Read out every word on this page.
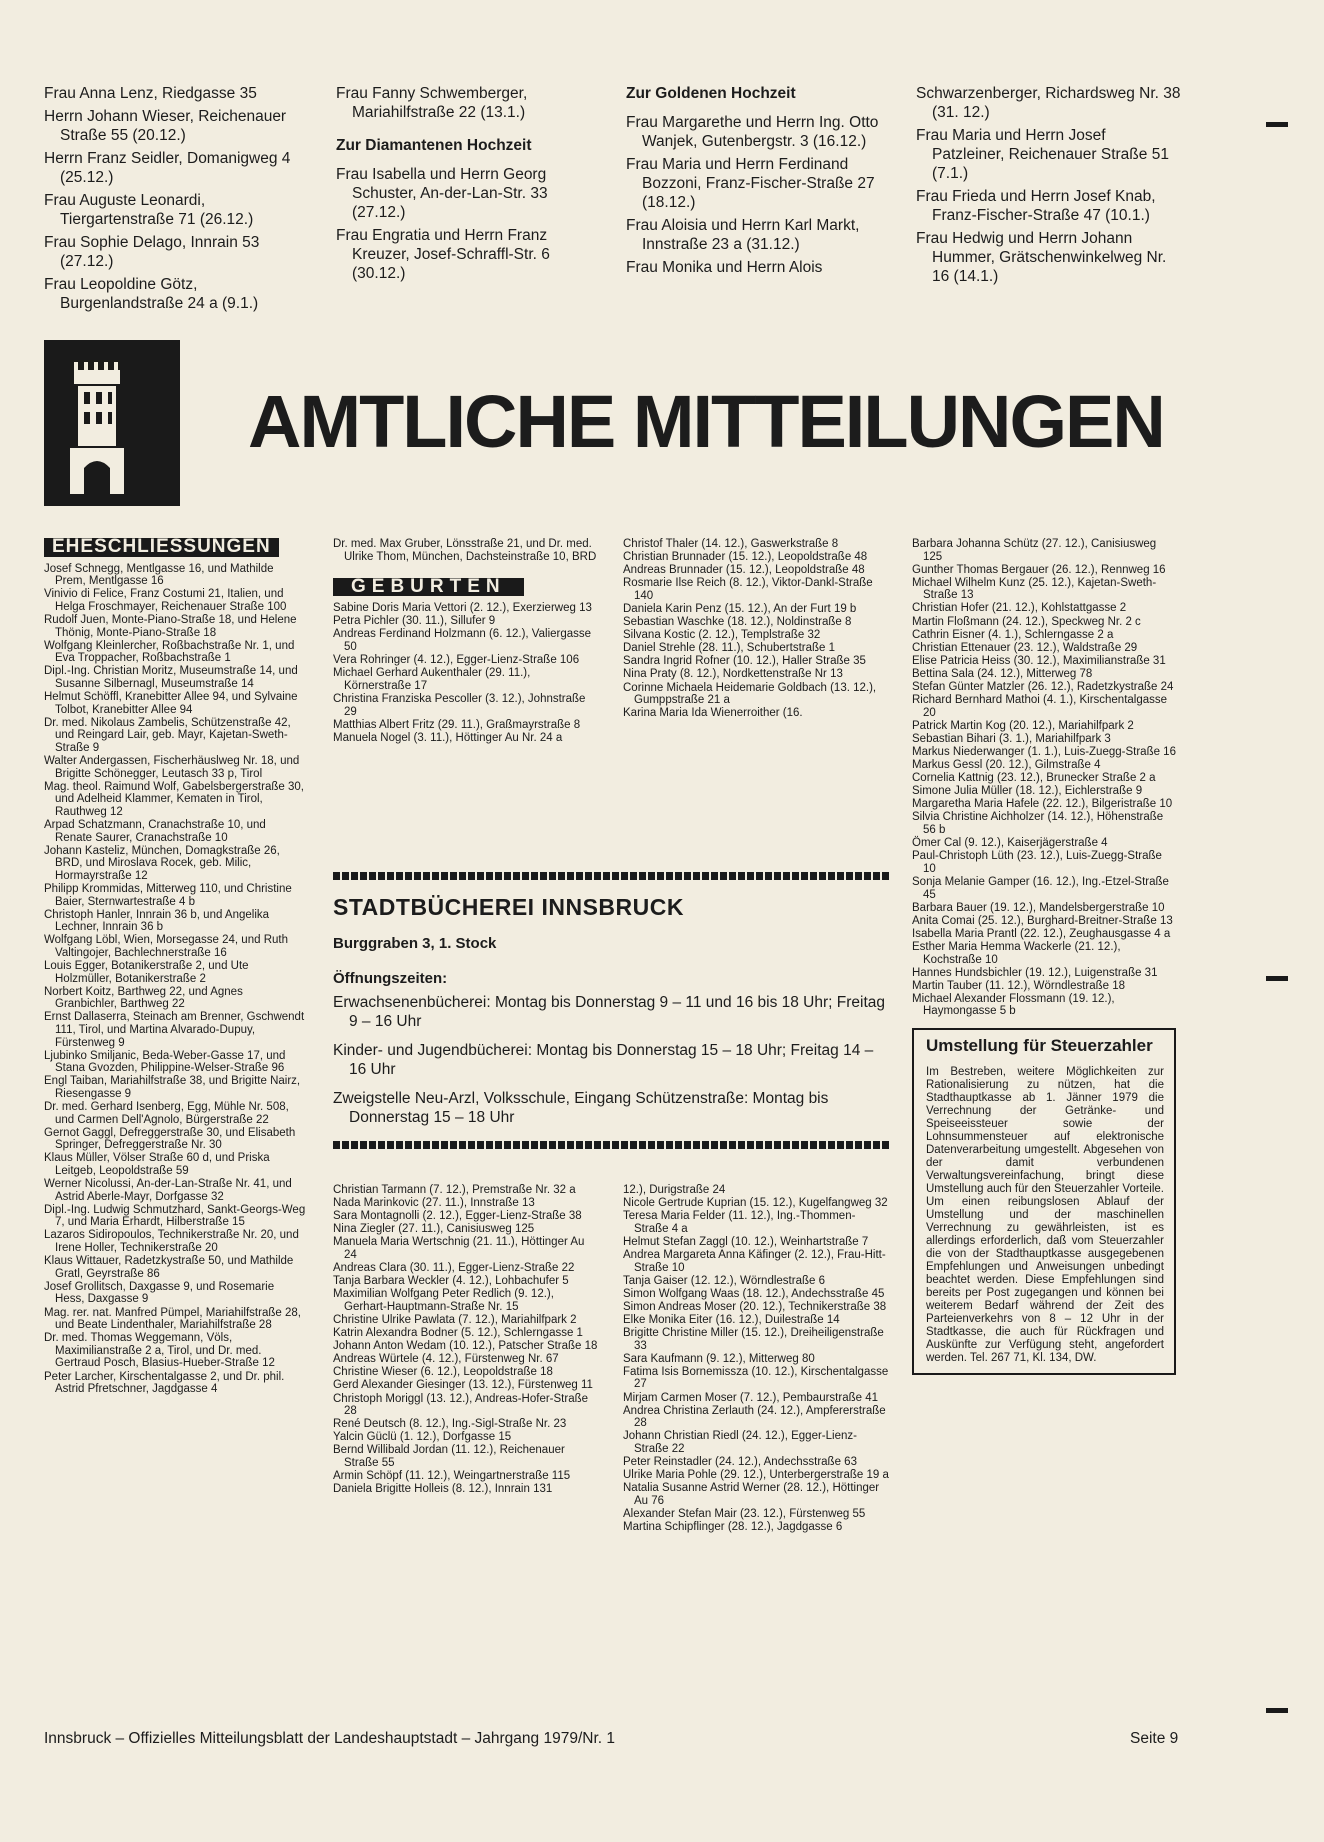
Frau Anna Lenz, Riedgasse 35

Herrn Johann Wieser, Reichenauer Straße 55 (20.12.)

Herrn Franz Seidler, Domanigweg 4 (25.12.)

Frau Auguste Leonardi, Tiergartenstraße 71 (26.12.)

Frau Sophie Delago, Innrain 53 (27.12.)

Frau Leopoldine Götz, Burgenlandstraße 24 a (9.1.)

Frau Fanny Schwemberger, Mariahilfstraße 22 (13.1.)

Zur Diamantenen Hochzeit

Frau Isabella und Herrn Georg Schuster, An-der-Lan-Str. 33 (27.12.)

Frau Engratia und Herrn Franz Kreuzer, Josef-Schraffl-Str. 6 (30.12.)

Zur Goldenen Hochzeit

Frau Margarethe und Herrn Ing. Otto Wanjek, Gutenbergstr. 3 (16.12.)

Frau Maria und Herrn Ferdinand Bozzoni, Franz-Fischer-Straße 27 (18.12.)

Frau Aloisia und Herrn Karl Markt, Innstraße 23 a (31.12.)

Frau Monika und Herrn Alois

Schwarzenberger, Richardsweg Nr. 38 (31. 12.)

Frau Maria und Herrn Josef Patzleiner, Reichenauer Straße 51 (7.1.)

Frau Frieda und Herrn Josef Knab, Franz-Fischer-Straße 47 (10.1.)

Frau Hedwig und Herrn Johann Hummer, Grätschenwinkelweg Nr. 16 (14.1.)

AMTLICHE MITTEILUNGEN
EHESCHLIESSUNGEN

Josef Schnegg, Mentlgasse 16, und Mathilde Prem, Mentlgasse 16

Vinivio di Felice, Franz Costumi 21, Italien, und Helga Froschmayer, Reichenauer Straße 100

Rudolf Juen, Monte-Piano-Straße 18, und Helene Thönig, Monte-Piano-Straße 18

Wolfgang Kleinlercher, Roßbachstraße Nr. 1, und Eva Troppacher, Roßbachstraße 1

Dipl.-Ing. Christian Moritz, Museumstraße 14, und Susanne Silbernagl, Museumstraße 14

Helmut Schöffl, Kranebitter Allee 94, und Sylvaine Tolbot, Kranebitter Allee 94

Dr. med. Nikolaus Zambelis, Schützenstraße 42, und Reingard Lair, geb. Mayr, Kajetan-Sweth-Straße 9

Walter Andergassen, Fischerhäuslweg Nr. 18, und Brigitte Schönegger, Leutasch 33 p, Tirol

Mag. theol. Raimund Wolf, Gabelsbergerstraße 30, und Adelheid Klammer, Kematen in Tirol, Rauthweg 12

Arpad Schatzmann, Cranachstraße 10, und Renate Saurer, Cranachstraße 10

Johann Kasteliz, München, Domagkstraße 26, BRD, und Miroslava Rocek, geb. Milic, Hormayrstraße 12

Philipp Krommidas, Mitterweg 110, und Christine Baier, Sternwartestraße 4 b

Christoph Hanler, Innrain 36 b, und Angelika Lechner, Innrain 36 b

Wolfgang Löbl, Wien, Morsegasse 24, und Ruth Valtingojer, Bachlechnerstraße 16

Louis Egger, Botanikerstraße 2, und Ute Holzmüller, Botanikerstraße 2

Norbert Koitz, Barthweg 22, und Agnes Granbichler, Barthweg 22

Ernst Dallaserra, Steinach am Brenner, Gschwendt 111, Tirol, und Martina Alvarado-Dupuy, Fürstenweg 9

Ljubinko Smiljanic, Beda-Weber-Gasse 17, und Stana Gvozden, Philippine-Welser-Straße 96

Engl Taiban, Mariahilfstraße 38, und Brigitte Nairz, Riesengasse 9

Dr. med. Gerhard Isenberg, Egg, Mühle Nr. 508, und Carmen Dell'Agnolo, Bürgerstraße 22

Gernot Gaggl, Defreggerstraße 30, und Elisabeth Springer, Defreggerstraße Nr. 30

Klaus Müller, Völser Straße 60 d, und Priska Leitgeb, Leopoldstraße 59

Werner Nicolussi, An-der-Lan-Straße Nr. 41, und Astrid Aberle-Mayr, Dorfgasse 32

Dipl.-Ing. Ludwig Schmutzhard, Sankt-Georgs-Weg 7, und Maria Erhardt, Hilberstraße 15

Lazaros Sidiropoulos, Technikerstraße Nr. 20, und Irene Holler, Technikerstraße 20

Klaus Wittauer, Radetzkystraße 50, und Mathilde Gratl, Geyrstraße 86

Josef Grollitsch, Daxgasse 9, und Rosemarie Hess, Daxgasse 9

Mag. rer. nat. Manfred Pümpel, Mariahilfstraße 28, und Beate Lindenthaler, Mariahilfstraße 28

Dr. med. Thomas Weggemann, Völs, Maximilianstraße 2 a, Tirol, und Dr. med. Gertraud Posch, Blasius-Hueber-Straße 12

Peter Larcher, Kirschentalgasse 2, und Dr. phil. Astrid Pfretschner, Jagdgasse 4

Dr. med. Max Gruber, Lönsstraße 21, und Dr. med. Ulrike Thom, München, Dachsteinstraße 10, BRD

GEBURTEN

Sabine Doris Maria Vettori (2. 12.), Exerzierweg 13

Petra Pichler (30. 11.), Sillufer 9

Andreas Ferdinand Holzmann (6. 12.), Valiergasse 50

Vera Rohringer (4. 12.), Egger-Lienz-Straße 106

Michael Gerhard Aukenthaler (29. 11.), Körnerstraße 17

Christina Franziska Pescoller (3. 12.), Johnstraße 29

Matthias Albert Fritz (29. 11.), Graßmayrstraße 8

Manuela Nogel (3. 11.), Höttinger Au Nr. 24 a

Christof Thaler (14. 12.), Gaswerkstraße 8

Christian Brunnader (15. 12.), Leopoldstraße 48

Andreas Brunnader (15. 12.), Leopoldstraße 48

Rosmarie Ilse Reich (8. 12.), Viktor-Dankl-Straße 140

Daniela Karin Penz (15. 12.), An der Furt 19 b

Sebastian Waschke (18. 12.), Noldinstraße 8

Silvana Kostic (2. 12.), Templstraße 32

Daniel Strehle (28. 11.), Schubertstraße 1

Sandra Ingrid Rofner (10. 12.), Haller Straße 35

Nina Praty (8. 12.), Nordkettenstraße Nr 13

Corinne Michaela Heidemarie Goldbach (13. 12.), Gumppstraße 21 a

Karina Maria Ida Wienerroither (16.

STADTBÜCHEREI INNSBRUCK
Burggraben 3, 1. Stock
Öffnungszeiten:

Erwachsenenbücherei: Montag bis Donnerstag 9 – 11 und 16 bis 18 Uhr; Freitag 9 – 16 Uhr

Kinder- und Jugendbücherei: Montag bis Donnerstag 15 – 18 Uhr; Freitag 14 – 16 Uhr

Zweigstelle Neu-Arzl, Volksschule, Eingang Schützenstraße: Montag bis Donnerstag 15 – 18 Uhr

Christian Tarmann (7. 12.), Premstraße Nr. 32 a

Nada Marinkovic (27. 11.), Innstraße 13

Sara Montagnolli (2. 12.), Egger-Lienz-Straße 38

Nina Ziegler (27. 11.), Canisiusweg 125

Manuela Maria Wertschnig (21. 11.), Höttinger Au 24

Andreas Clara (30. 11.), Egger-Lienz-Straße 22

Tanja Barbara Weckler (4. 12.), Lohbachufer 5

Maximilian Wolfgang Peter Redlich (9. 12.), Gerhart-Hauptmann-Straße Nr. 15

Christine Ulrike Pawlata (7. 12.), Mariahilfpark 2

Katrin Alexandra Bodner (5. 12.), Schlerngasse 1

Johann Anton Wedam (10. 12.), Patscher Straße 18

Andreas Würtele (4. 12.), Fürstenweg Nr. 67

Christine Wieser (6. 12.), Leopoldstraße 18

Gerd Alexander Giesinger (13. 12.), Fürstenweg 11

Christoph Moriggl (13. 12.), Andreas-Hofer-Straße 28

René Deutsch (8. 12.), Ing.-Sigl-Straße Nr. 23

Yalcin Güclü (1. 12.), Dorfgasse 15

Bernd Willibald Jordan (11. 12.), Reichenauer Straße 55

Armin Schöpf (11. 12.), Weingartnerstraße 115

Daniela Brigitte Holleis (8. 12.), Innrain 131

12.), Durigstraße 24

Nicole Gertrude Kuprian (15. 12.), Kugelfangweg 32

Teresa Maria Felder (11. 12.), Ing.-Thommen-Straße 4 a

Helmut Stefan Zaggl (10. 12.), Weinhartstraße 7

Andrea Margareta Anna Käfinger (2. 12.), Frau-Hitt-Straße 10

Tanja Gaiser (12. 12.), Wörndlestraße 6

Simon Wolfgang Waas (18. 12.), Andechsstraße 45

Simon Andreas Moser (20. 12.), Technikerstraße 38

Elke Monika Eiter (16. 12.), Duilestraße 14

Brigitte Christine Miller (15. 12.), Dreiheiligenstraße 33

Sara Kaufmann (9. 12.), Mitterweg 80

Fatima Isis Bornemissza (10. 12.), Kirschentalgasse 27

Mirjam Carmen Moser (7. 12.), Pembaurstraße 41

Andrea Christina Zerlauth (24. 12.), Ampfererstraße 28

Johann Christian Riedl (24. 12.), Egger-Lienz-Straße 22

Peter Reinstadler (24. 12.), Andechsstraße 63

Ulrike Maria Pohle (29. 12.), Unterbergerstraße 19 a

Natalia Susanne Astrid Werner (28. 12.), Höttinger Au 76

Alexander Stefan Mair (23. 12.), Fürstenweg 55

Martina Schipflinger (28. 12.), Jagdgasse 6

Barbara Johanna Schütz (27. 12.), Canisiusweg 125

Gunther Thomas Bergauer (26. 12.), Rennweg 16

Michael Wilhelm Kunz (25. 12.), Kajetan-Sweth-Straße 13

Christian Hofer (21. 12.), Kohlstattgasse 2

Martin Floßmann (24. 12.), Speckweg Nr. 2 c

Cathrin Eisner (4. 1.), Schlerngasse 2 a

Christian Ettenauer (23. 12.), Waldstraße 29

Elise Patricia Heiss (30. 12.), Maximilianstraße 31

Bettina Sala (24. 12.), Mitterweg 78

Stefan Günter Matzler (26. 12.), Radetzkystraße 24

Richard Bernhard Mathoi (4. 1.), Kirschentalgasse 20

Patrick Martin Kog (20. 12.), Mariahilfpark 2

Sebastian Bihari (3. 1.), Mariahilfpark 3

Markus Niederwanger (1. 1.), Luis-Zuegg-Straße 16

Markus Gessl (20. 12.), Gilmstraße 4

Cornelia Kattnig (23. 12.), Brunecker Straße 2 a

Simone Julia Müller (18. 12.), Eichlerstraße 9

Margaretha Maria Hafele (22. 12.), Bilgeristraße 10

Silvia Christine Aichholzer (14. 12.), Höhenstraße 56 b

Ömer Cal (9. 12.), Kaiserjägerstraße 4

Paul-Christoph Lüth (23. 12.), Luis-Zuegg-Straße 10

Sonja Melanie Gamper (16. 12.), Ing.-Etzel-Straße 45

Barbara Bauer (19. 12.), Mandelsbergerstraße 10

Anita Comai (25. 12.), Burghard-Breitner-Straße 13

Isabella Maria Prantl (22. 12.), Zeughausgasse 4 a

Esther Maria Hemma Wackerle (21. 12.), Kochstraße 10

Hannes Hundsbichler (19. 12.), Luigenstraße 31

Martin Tauber (11. 12.), Wörndlestraße 18

Michael Alexander Flossmann (19. 12.), Haymongasse 5 b

Umstellung für Steuerzahler

Im Bestreben, weitere Möglichkeiten zur Rationalisierung zu nützen, hat die Stadthauptkasse ab 1. Jänner 1979 die Verrechnung der Getränke- und Speiseeissteuer sowie der Lohnsummensteuer auf elektronische Datenverarbeitung umgestellt. Abgesehen von der damit verbundenen Verwaltungsvereinfachung, bringt diese Umstellung auch für den Steuerzahler Vorteile. Um einen reibungslosen Ablauf der Umstellung und der maschinellen Verrechnung zu gewährleisten, ist es allerdings erforderlich, daß vom Steuerzahler die von der Stadthauptkasse ausgegebenen Empfehlungen und Anweisungen unbedingt beachtet werden. Diese Empfehlungen sind bereits per Post zugegangen und können bei weiterem Bedarf während der Zeit des Parteienverkehrs von 8 – 12 Uhr in der Stadtkasse, die auch für Rückfragen und Auskünfte zur Verfügung steht, angefordert werden. Tel. 267 71, Kl. 134, DW.

Innsbruck – Offizielles Mitteilungsblatt der Landeshauptstadt – Jahrgang 1979/Nr. 1	Seite 9
